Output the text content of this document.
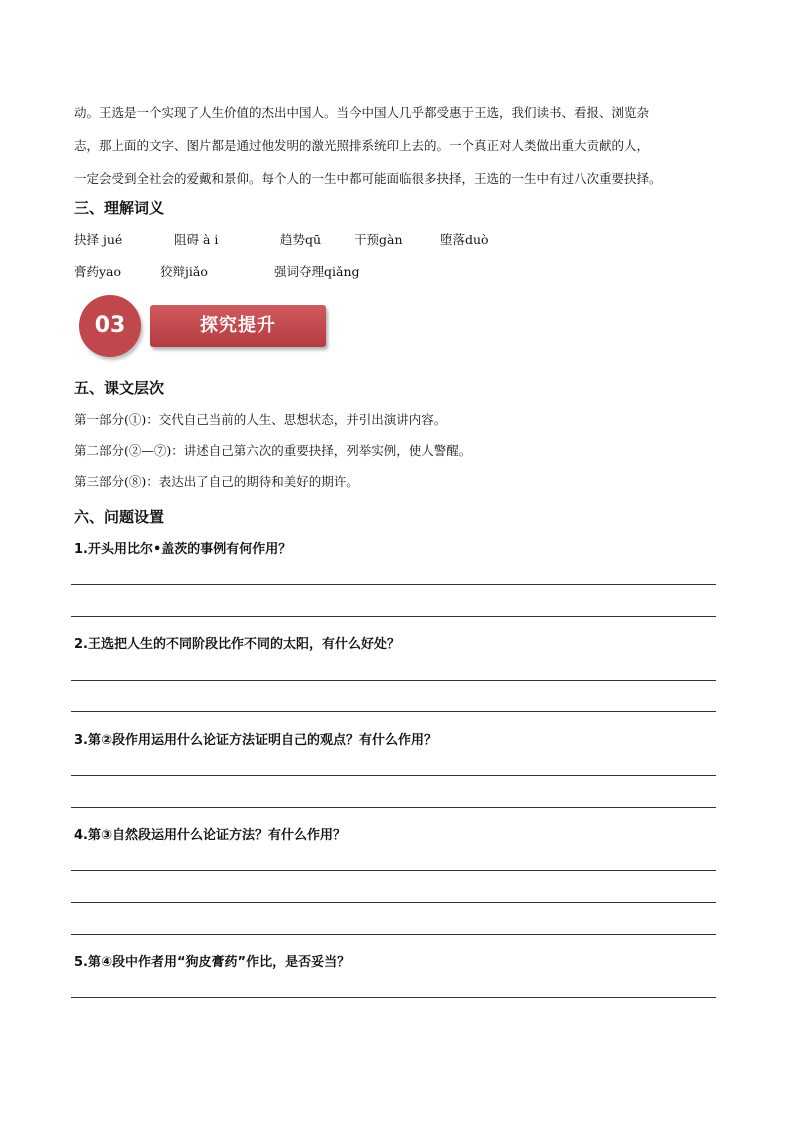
动。王选是一个实现了人生价值的杰出中国人。当今中国人几乎都受惠于王选，我们读书、看报、浏览杂

志，那上面的文字、图片都是通过他发明的激光照排系统印上去的。一个真正对人类做出重大贡献的人，

一定会受到全社会的爱戴和景仰。每个人的一生中都可能面临很多抉择，王选的一生中有过八次重要抉择。

三、理解词义
抉择 jué	阻碍 à i	趋势qū	干预gàn	堕落duò
膏药yao	狡辩jiǎo	强词夺理qiǎng
03	探究提升
五、课文层次

第一部分(①)：交代自己当前的人生、思想状态，并引出演讲内容。

第二部分(②—⑦)：讲述自己第六次的重要抉择，列举实例，使人警醒。

第三部分(⑧)：表达出了自己的期待和美好的期许。

六、问题设置
1.开头用比尔•盖茨的事例有何作用？
2.王选把人生的不同阶段比作不同的太阳，有什么好处？
3.第②段作用运用什么论证方法证明自己的观点？有什么作用？
4.第③自然段运用什么论证方法？有什么作用？
5.第④段中作者用“狗皮膏药”作比，是否妥当？
